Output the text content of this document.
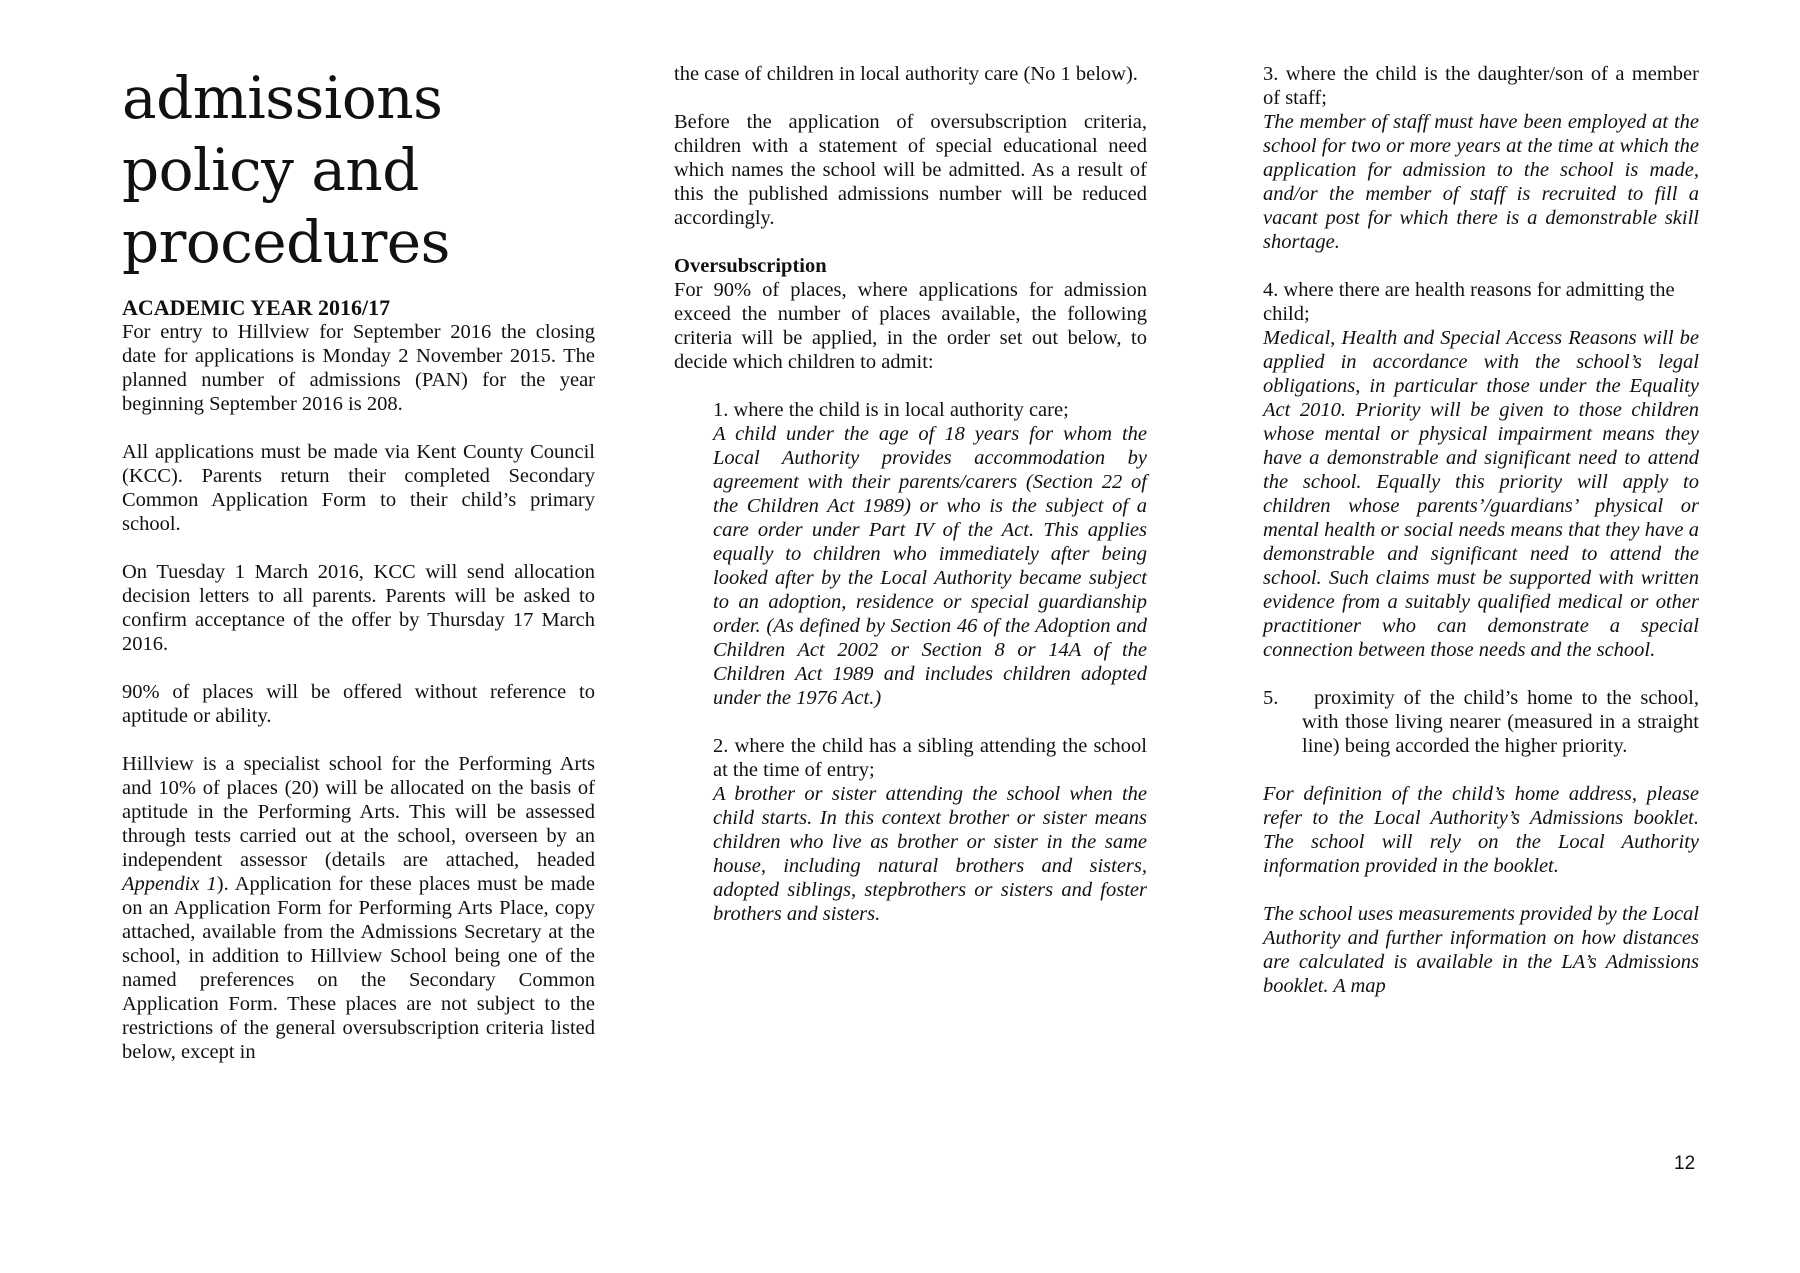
admissions
policy and
procedures
ACADEMIC YEAR 2016/17

For entry to Hillview for September 2016 the closing date for applications is Monday 2 November 2015. The planned number of admissions (PAN) for the year beginning September 2016 is 208.

All applications must be made via Kent County Council (KCC). Parents return their completed Secondary Common Application Form to their child’s primary school.

On Tuesday 1 March 2016, KCC will send allocation decision letters to all parents. Parents will be asked to confirm acceptance of the offer by Thursday 17 March 2016.

90% of places will be offered without reference to aptitude or ability.

Hillview is a specialist school for the Performing Arts and 10% of places (20) will be allocated on the basis of aptitude in the Performing Arts. This will be assessed through tests carried out at the school, overseen by an independent assessor (details are attached, headed Appendix 1). Application for these places must be made on an Application Form for Performing Arts Place, copy attached, available from the Admissions Secretary at the school, in addition to Hillview School being one of the named preferences on the Secondary Common Application Form. These places are not subject to the restrictions of the general oversubscription criteria listed below, except in

the case of children in local authority care (No 1 below).

Before the application of oversubscription criteria, children with a statement of special educational need which names the school will be admitted. As a result of this the published admissions number will be reduced accordingly.

Oversubscription

For 90% of places, where applications for admission exceed the number of places available, the following criteria will be applied, in the order set out below, to decide which children to admit:

1. where the child is in local authority care;
A child under the age of 18 years for whom the Local Authority provides accommodation by agreement with their parents/carers (Section 22 of the Children Act 1989) or who is the subject of a care order under Part IV of the Act. This applies equally to children who immediately after being looked after by the Local Authority became subject to an adoption, residence or special guardianship order. (As defined by Section 46 of the Adoption and Children Act 2002 or Section 8 or 14A of the Children Act 1989 and includes children adopted under the 1976 Act.)
2. where the child has a sibling attending the school at the time of entry;
A brother or sister attending the school when the child starts. In this context brother or sister means children who live as brother or sister in the same house, including natural brothers and sisters, adopted siblings, stepbrothers or sisters and foster brothers and sisters.
3. where the child is the daughter/son of a member of staff;
The member of staff must have been employed at the school for two or more years at the time at which the application for admission to the school is made, and/or the member of staff is recruited to fill a vacant post for which there is a demonstrable skill shortage.
4. where there are health reasons for admitting the child;
Medical, Health and Special Access Reasons will be applied in accordance with the school’s legal obligations, in particular those under the Equality Act 2010. Priority will be given to those children whose mental or physical impairment means they have a demonstrable and significant need to attend the school. Equally this priority will apply to children whose parents’/guardians’ physical or mental health or social needs means that they have a demonstrable and significant need to attend the school. Such claims must be supported with written evidence from a suitably qualified medical or other practitioner who can demonstrate a special connection between those needs and the school.
5.    proximity of the child’s home to the school, with those living nearer (measured in a straight line) being accorded the higher priority.

For definition of the child’s home address, please refer to the Local Authority’s Admissions booklet. The school will rely on the Local Authority information provided in the booklet.

The school uses measurements provided by the Local Authority and further information on how distances are calculated is available in the LA’s Admissions booklet. A map

12
